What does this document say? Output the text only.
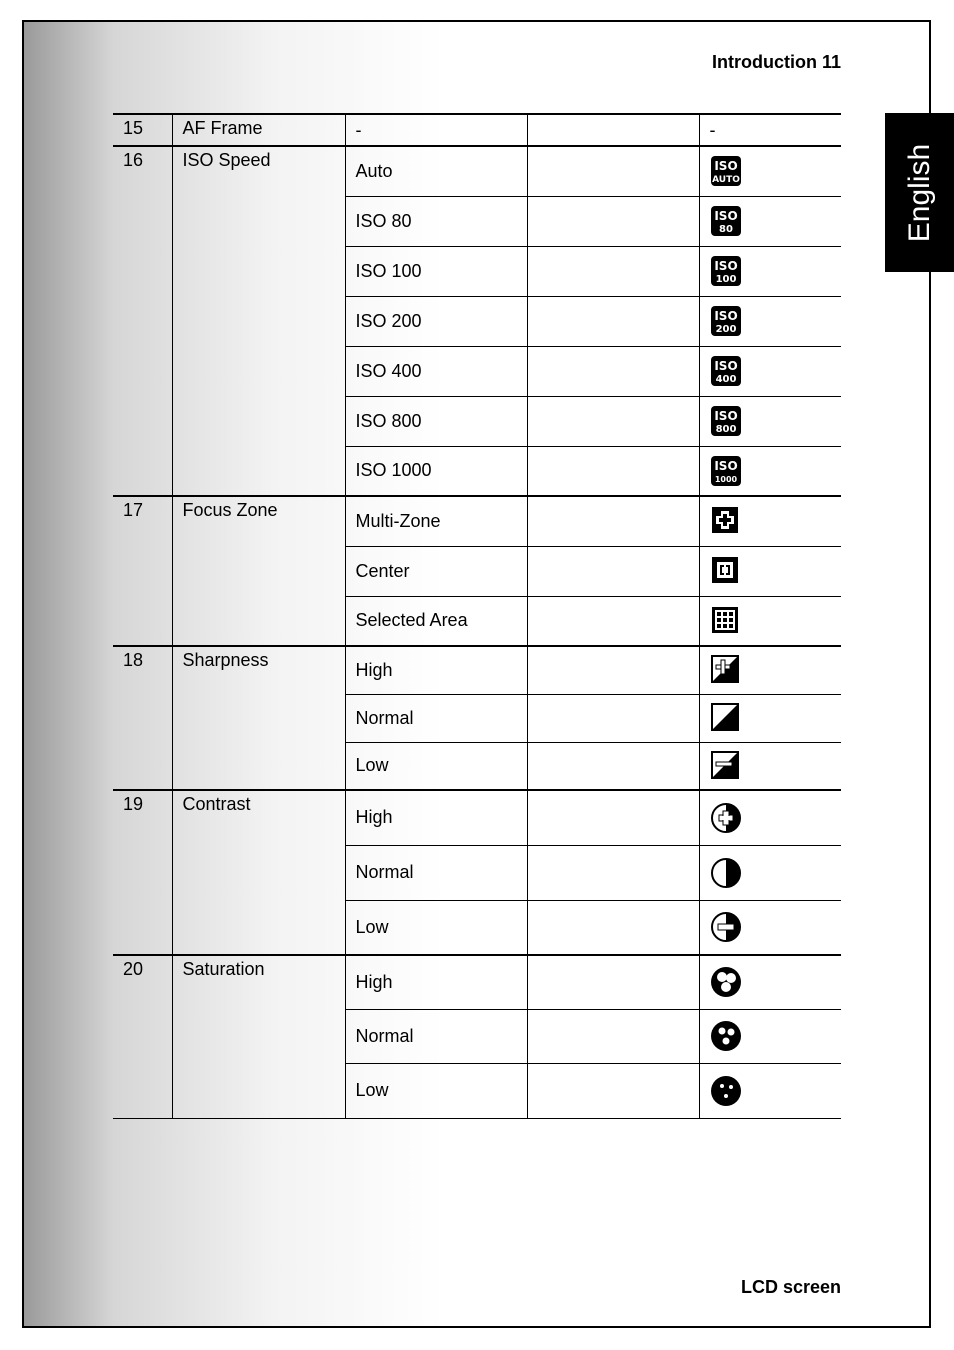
Introduction 11
English
15	AF Frame	-		-
16	ISO Speed	Auto		ISO
AUTO

		ISO 80		ISO
80

		ISO 100		ISO
100

		ISO 200		ISO
200

		ISO 400		ISO
400

		ISO 800		ISO
800

		ISO 1000		ISO
1000

17	Focus Zone	Multi-Zone		

		Center		

		Selected Area		

18	Sharpness	High		

		Normal		

		Low		

19	Contrast	High		

		Normal		

		Low		

20	Saturation	High		

		Normal		

		Low		
LCD screen
